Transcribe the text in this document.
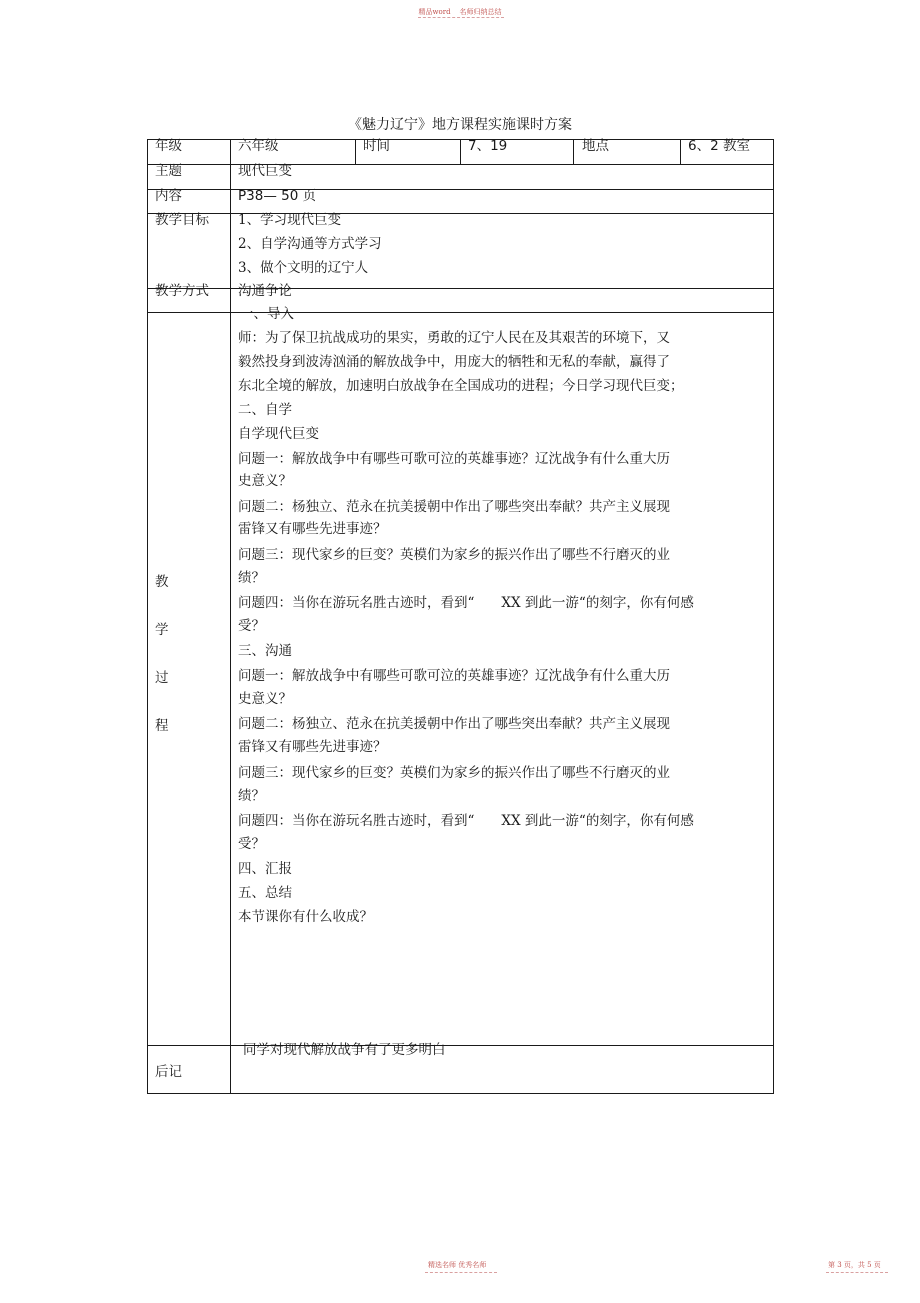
精品word 名师归纳总结
《魅力辽宁》地方课程实施课时方案
年级	六年级	时间	7、19	地点	6、2 教室
主题	现代巨变
内容	P38— 50 页
教学目标 1、学习现代巨变
2、自学沟通等方式学习
3、做个文明的辽宁人
教学方式 沟通争论
教
学
过
程
一、导入
师：为了保卫抗战成功的果实，勇敢的辽宁人民在及其艰苦的环境下，又
毅然投身到波涛汹涌的解放战争中，用庞大的牺牲和无私的奉献，赢得了
东北全境的解放，加速明白放战争在全国成功的进程；今日学习现代巨变；
二、自学
自学现代巨变
问题一：解放战争中有哪些可歌可泣的英雄事迹？辽沈战争有什么重大历
史意义？
问题二：杨独立、范永在抗美援朝中作出了哪些突出奉献？共产主义展现
雷锋又有哪些先进事迹？
问题三：现代家乡的巨变？英模们为家乡的振兴作出了哪些不行磨灭的业
绩？
问题四：当你在游玩名胜古迹时，看到“　　XX 到此一游“的刻字，你有何感
受？
三、沟通
问题一：解放战争中有哪些可歌可泣的英雄事迹？辽沈战争有什么重大历
史意义？
问题二：杨独立、范永在抗美援朝中作出了哪些突出奉献？共产主义展现
雷锋又有哪些先进事迹？
问题三：现代家乡的巨变？英模们为家乡的振兴作出了哪些不行磨灭的业
绩？
问题四：当你在游玩名胜古迹时，看到“　　XX 到此一游“的刻字，你有何感
受？
四、汇报
五、总结
本节课你有什么收成？
后记
同学对现代解放战争有了更多明白
精选名师 优秀名师	第 3 页，共 5 页
